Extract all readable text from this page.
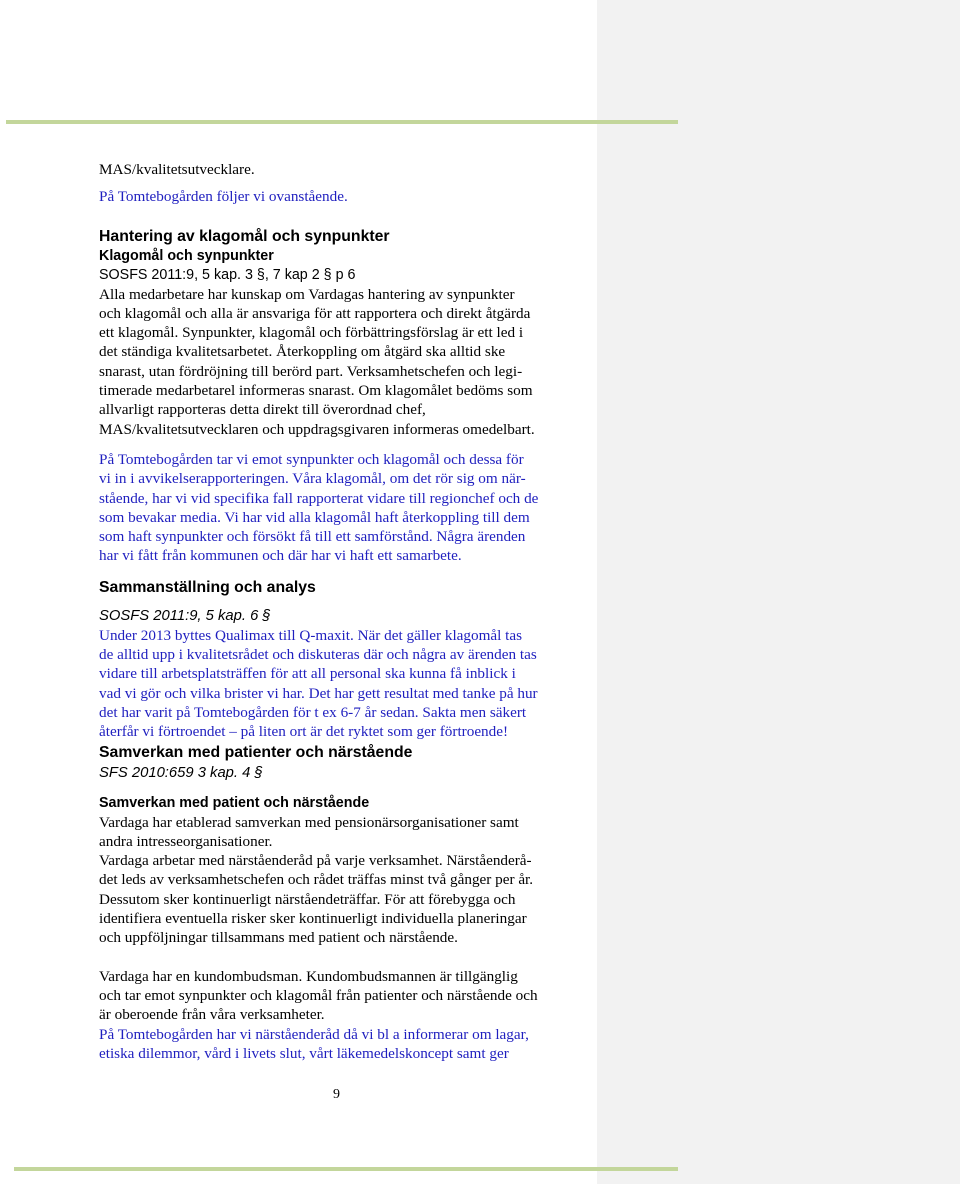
MAS/kvalitetsutvecklare.

På Tomtebogården följer vi ovanstående.

Hantering av klagomål och synpunkter

Klagomål och synpunkter

SOSFS 2011:9, 5 kap. 3 §, 7 kap 2 § p 6

Alla medarbetare har kunskap om Vardagas hantering av synpunkter

och klagomål och alla är ansvariga för att rapportera och direkt åtgärda

ett klagomål. Synpunkter, klagomål och förbättringsförslag är ett led i

det ständiga kvalitetsarbetet. Återkoppling om åtgärd ska alltid ske

snarast, utan fördröjning till berörd part. Verksamhetschefen och legi-

timerade medarbetarel informeras snarast. Om klagomålet bedöms som

allvarligt rapporteras detta direkt till överordnad chef,

MAS/kvalitetsutvecklaren och uppdragsgivaren informeras omedelbart.

På Tomtebogården tar vi emot synpunkter och klagomål och dessa för

vi in i avvikelserapporteringen. Våra klagomål, om det rör sig om när-

stående, har vi vid specifika fall rapporterat vidare till regionchef och de

som bevakar media. Vi har vid alla klagomål haft återkoppling till dem

som haft synpunkter och försökt få till ett samförstånd. Några ärenden

har vi fått från kommunen och där har vi haft ett samarbete.

Sammanställning och analys

SOSFS 2011:9, 5 kap. 6 §

Under 2013 byttes Qualimax till Q-maxit. När det gäller klagomål tas

de alltid upp i kvalitetsrådet och diskuteras där och några av ärenden tas

vidare till arbetsplatsträffen för att all personal ska kunna få inblick i

vad vi gör och vilka brister vi har. Det har gett resultat med tanke på hur

det har varit på Tomtebogården för t ex 6-7 år sedan. Sakta men säkert

återfår vi förtroendet – på liten ort är det ryktet som ger förtroende!

Samverkan med patienter och närstående

SFS 2010:659 3 kap. 4 §

Samverkan med patient och närstående

Vardaga har etablerad samverkan med pensionärsorganisationer samt

andra intresseorganisationer.

Vardaga arbetar med närståenderåd på varje verksamhet. Närståenderå-

det leds av verksamhetschefen och rådet träffas minst två gånger per år.

Dessutom sker kontinuerligt närståendeträffar. För att förebygga och

identifiera eventuella risker sker kontinuerligt individuella planeringar

och uppföljningar tillsammans med patient och närstående.

Vardaga har en kundombudsman. Kundombudsmannen är tillgänglig

och tar emot synpunkter och klagomål från patienter och närstående och

är oberoende från våra verksamheter.

På Tomtebogården har vi närståenderåd då vi bl a informerar om lagar,

etiska dilemmor, vård i livets slut, vårt läkemedelskoncept samt ger

9
